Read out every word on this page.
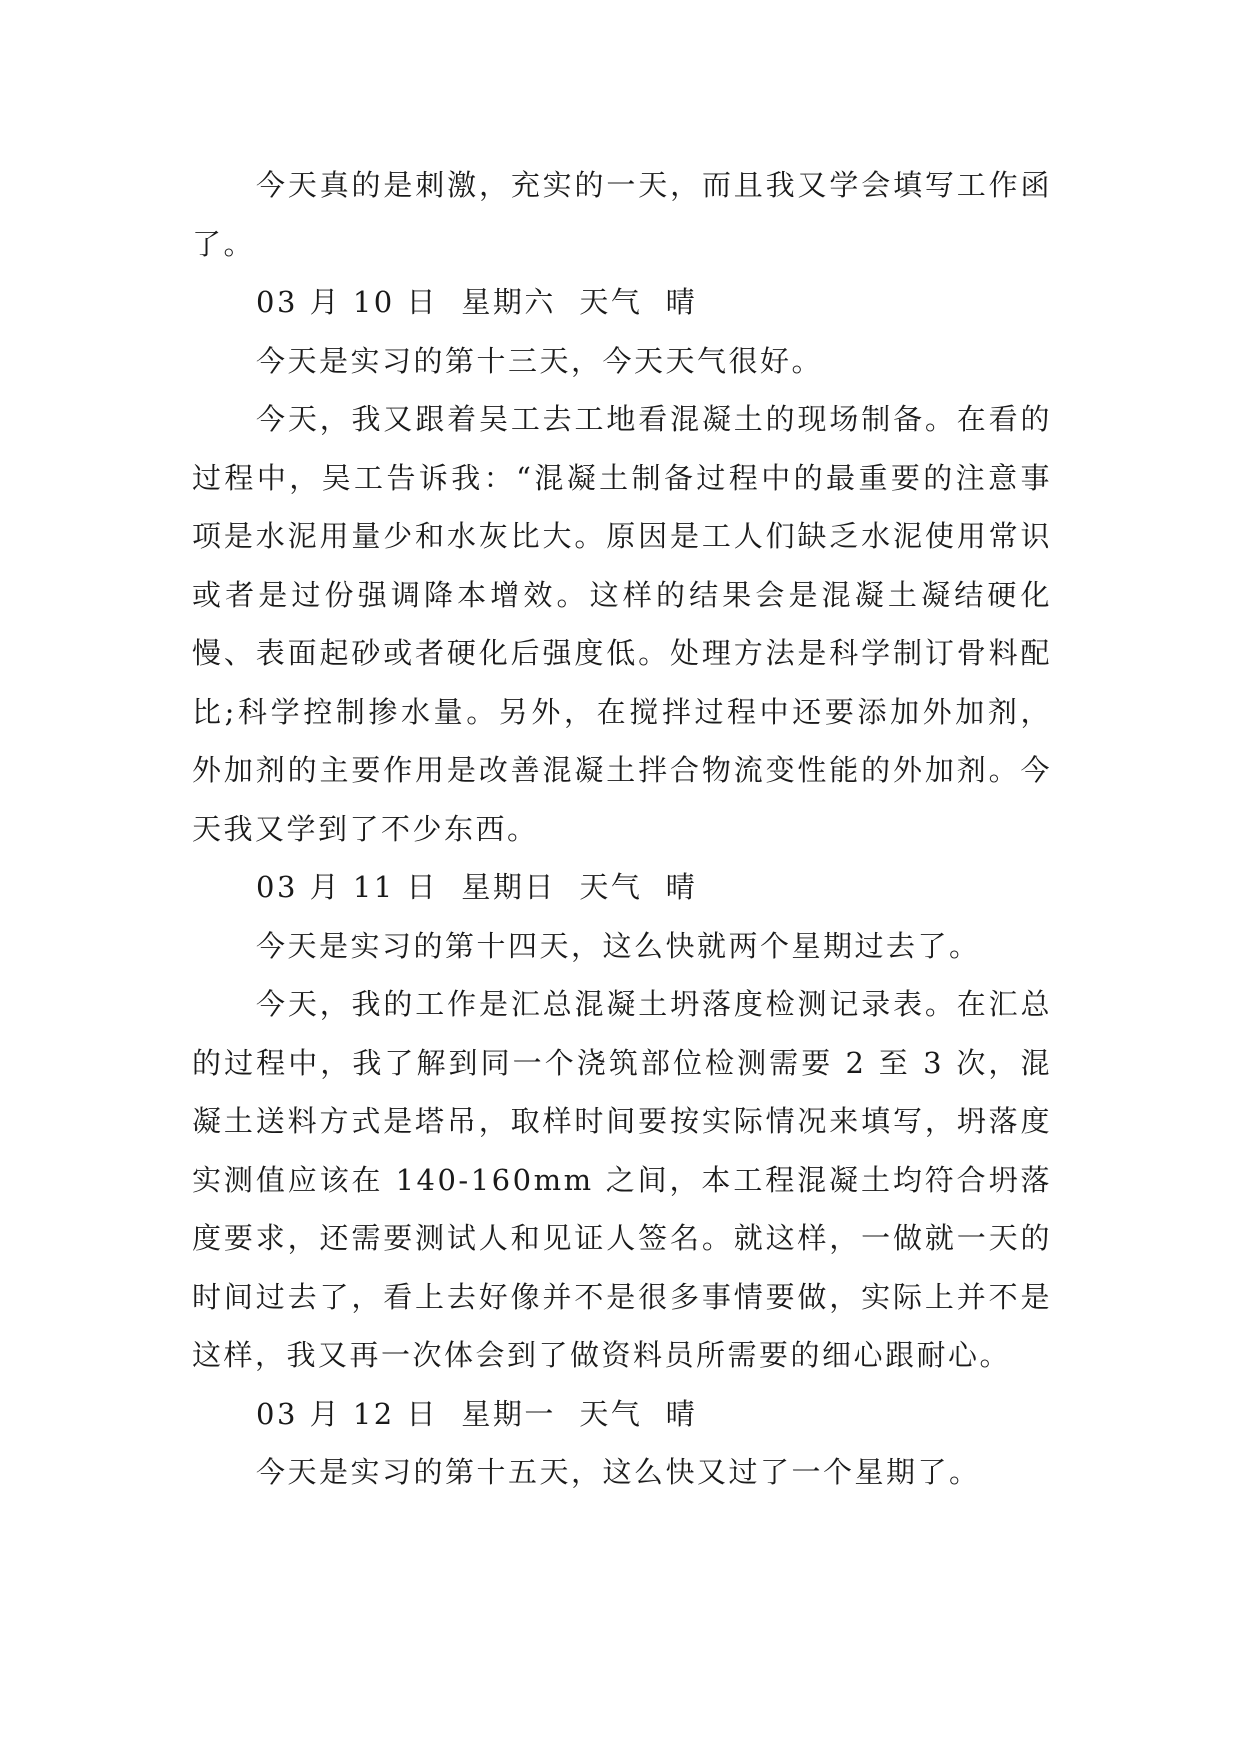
今天真的是刺激，充实的一天，而且我又学会填写工作函了。

03 月 10 日  星期六  天气  晴

今天是实习的第十三天，今天天气很好。

今天，我又跟着吴工去工地看混凝土的现场制备。在看的过程中，吴工告诉我：“混凝土制备过程中的最重要的注意事项是水泥用量少和水灰比大。原因是工人们缺乏水泥使用常识或者是过份强调降本增效。这样的结果会是混凝土凝结硬化慢、表面起砂或者硬化后强度低。处理方法是科学制订骨料配比;科学控制掺水量。另外，在搅拌过程中还要添加外加剂，外加剂的主要作用是改善混凝土拌合物流变性能的外加剂。今天我又学到了不少东西。

03 月 11 日  星期日  天气  晴

今天是实习的第十四天，这么快就两个星期过去了。

今天，我的工作是汇总混凝土坍落度检测记录表。在汇总的过程中，我了解到同一个浇筑部位检测需要 2 至 3 次，混凝土送料方式是塔吊，取样时间要按实际情况来填写，坍落度实测值应该在 140-160mm 之间，本工程混凝土均符合坍落度要求，还需要测试人和见证人签名。就这样，一做就一天的时间过去了，看上去好像并不是很多事情要做，实际上并不是这样，我又再一次体会到了做资料员所需要的细心跟耐心。

03 月 12 日  星期一  天气  晴

今天是实习的第十五天，这么快又过了一个星期了。
